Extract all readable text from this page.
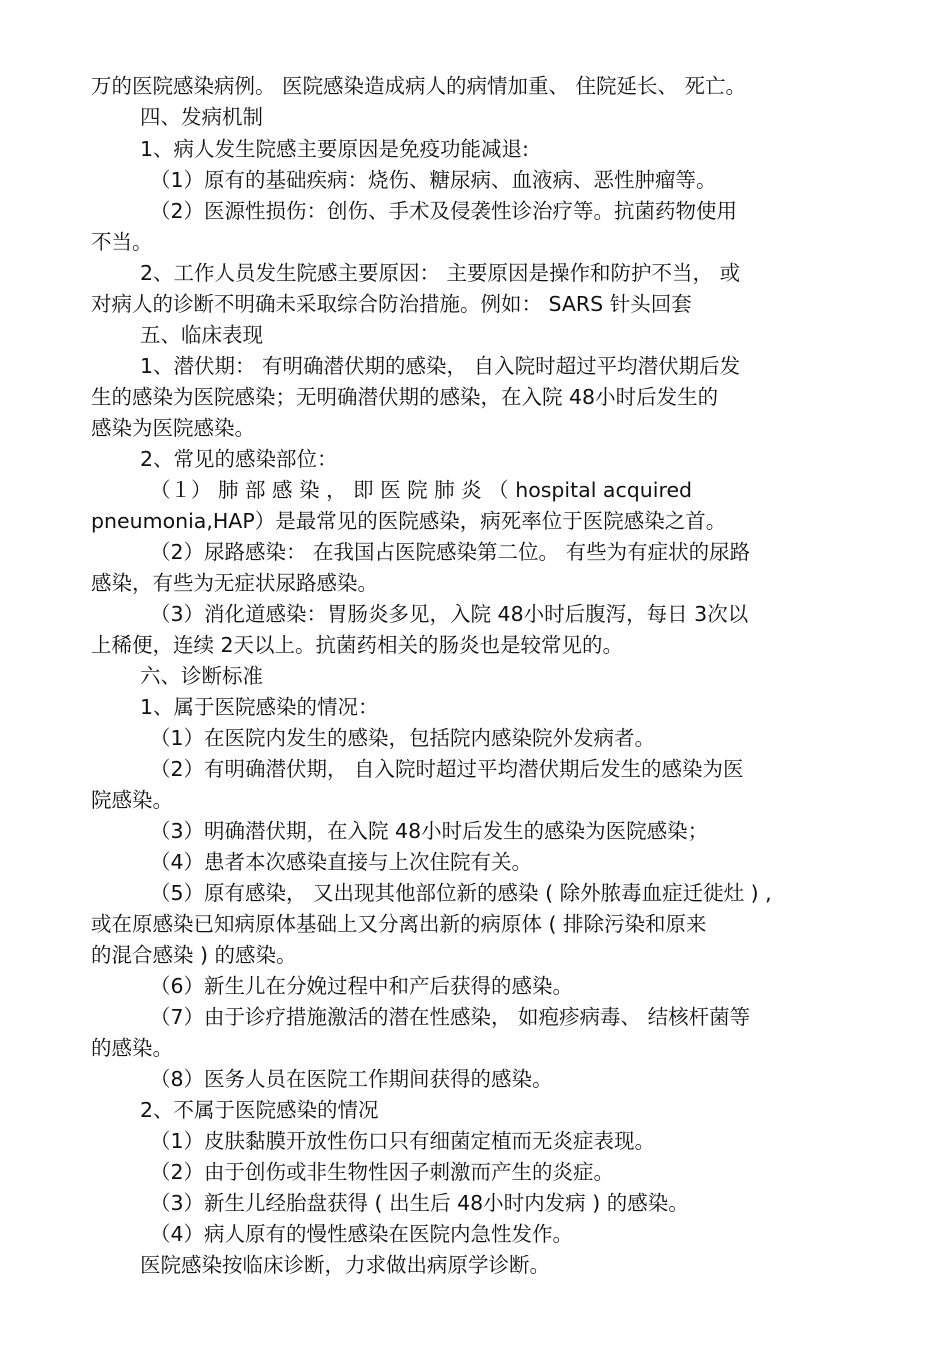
万的医院感染病例。 医院感染造成病人的病情加重、 住院延长、 死亡。
四、发病机制
1、病人发生院感主要原因是免疫功能减退:
（1）原有的基础疾病：烧伤、糖尿病、血液病、恶性肿瘤等。
（2）医源性损伤：创伤、手术及侵袭性诊治疗等。抗菌药物使用
不当。
2、工作人员发生院感主要原因： 主要原因是操作和防护不当， 或
对病人的诊断不明确未采取综合防治措施。例如： SARS 针头回套
五、临床表现
1、潜伏期： 有明确潜伏期的感染， 自入院时超过平均潜伏期后发
生的感染为医院感染；无明确潜伏期的感染，在入院 48小时后发生的
感染为医院感染。
2、常见的感染部位：
（１） 肺 部 感 染 ， 即 医 院 肺 炎 （ hospital acquired
pneumonia,HAP）是最常见的医院感染，病死率位于医院感染之首。
（2）尿路感染： 在我国占医院感染第二位。 有些为有症状的尿路
感染，有些为无症状尿路感染。
（3）消化道感染：胃肠炎多见，入院 48小时后腹泻，每日 3次以
上稀便，连续 2天以上。抗菌药相关的肠炎也是较常见的。
六、诊断标准
1、属于医院感染的情况：
（1）在医院内发生的感染，包括院内感染院外发病者。
（2）有明确潜伏期， 自入院时超过平均潜伏期后发生的感染为医
院感染。
（3）明确潜伏期，在入院 48小时后发生的感染为医院感染；
（4）患者本次感染直接与上次住院有关。
（5）原有感染， 又出现其他部位新的感染 ( 除外脓毒血症迁徙灶 ) ,
或在原感染已知病原体基础上又分离出新的病原体 ( 排除污染和原来
的混合感染 ) 的感染。
（6）新生儿在分娩过程中和产后获得的感染。
（7）由于诊疗措施激活的潜在性感染， 如疱疹病毒、 结核杆菌等
的感染。
（8）医务人员在医院工作期间获得的感染。
2、不属于医院感染的情况
（1）皮肤黏膜开放性伤口只有细菌定植而无炎症表现。
（2）由于创伤或非生物性因子刺激而产生的炎症。
（3）新生儿经胎盘获得 ( 出生后 48小时内发病 ) 的感染。
（4）病人原有的慢性感染在医院内急性发作。
医院感染按临床诊断，力求做出病原学诊断。
